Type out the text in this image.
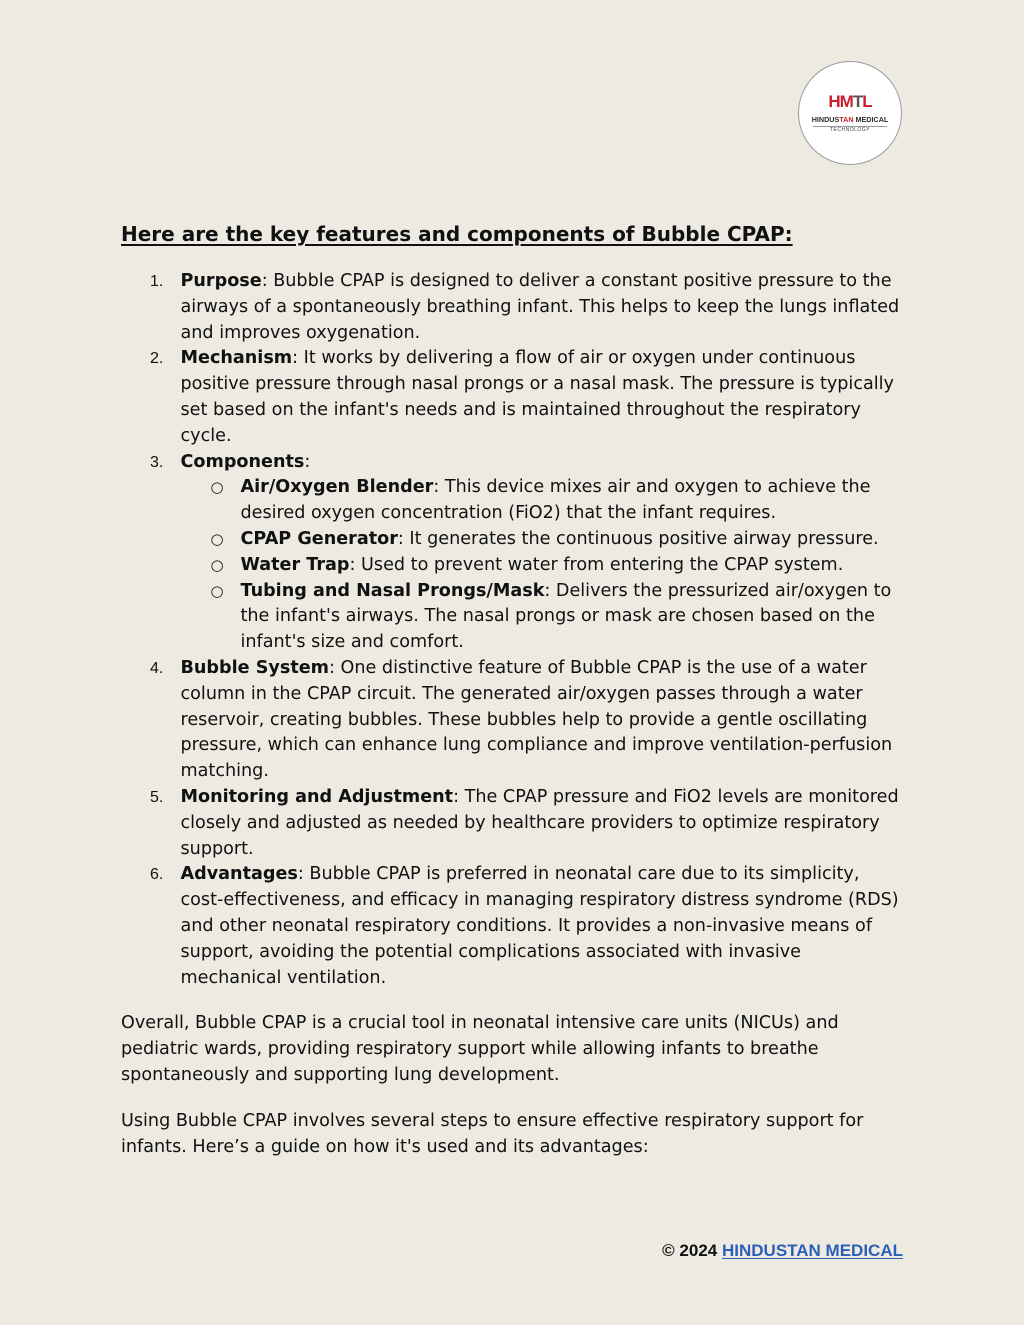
HMTL
HINDUSTAN MEDICAL
TECHNOLOGY
Here are the key features and components of Bubble CPAP:
1. Purpose: Bubble CPAP is designed to deliver a constant positive pressure to the airways of a spontaneously breathing infant. This helps to keep the lungs inflated and improves oxygenation.
2. Mechanism: It works by delivering a flow of air or oxygen under continuous positive pressure through nasal prongs or a nasal mask. The pressure is typically set based on the infant's needs and is maintained throughout the respiratory cycle.
3. Components:
○ Air/Oxygen Blender: This device mixes air and oxygen to achieve the desired oxygen concentration (FiO2) that the infant requires.
○ CPAP Generator: It generates the continuous positive airway pressure.
○ Water Trap: Used to prevent water from entering the CPAP system.
○ Tubing and Nasal Prongs/Mask: Delivers the pressurized air/oxygen to the infant's airways. The nasal prongs or mask are chosen based on the infant's size and comfort.
4. Bubble System: One distinctive feature of Bubble CPAP is the use of a water column in the CPAP circuit. The generated air/oxygen passes through a water reservoir, creating bubbles. These bubbles help to provide a gentle oscillating pressure, which can enhance lung compliance and improve ventilation-perfusion matching.
5. Monitoring and Adjustment: The CPAP pressure and FiO2 levels are monitored closely and adjusted as needed by healthcare providers to optimize respiratory support.
6. Advantages: Bubble CPAP is preferred in neonatal care due to its simplicity, cost-effectiveness, and efficacy in managing respiratory distress syndrome (RDS) and other neonatal respiratory conditions. It provides a non-invasive means of support, avoiding the potential complications associated with invasive mechanical ventilation.

Overall, Bubble CPAP is a crucial tool in neonatal intensive care units (NICUs) and pediatric wards, providing respiratory support while allowing infants to breathe spontaneously and supporting lung development.

Using Bubble CPAP involves several steps to ensure effective respiratory support for infants. Here’s a guide on how it's used and its advantages:

© 2024 HINDUSTAN MEDICAL
